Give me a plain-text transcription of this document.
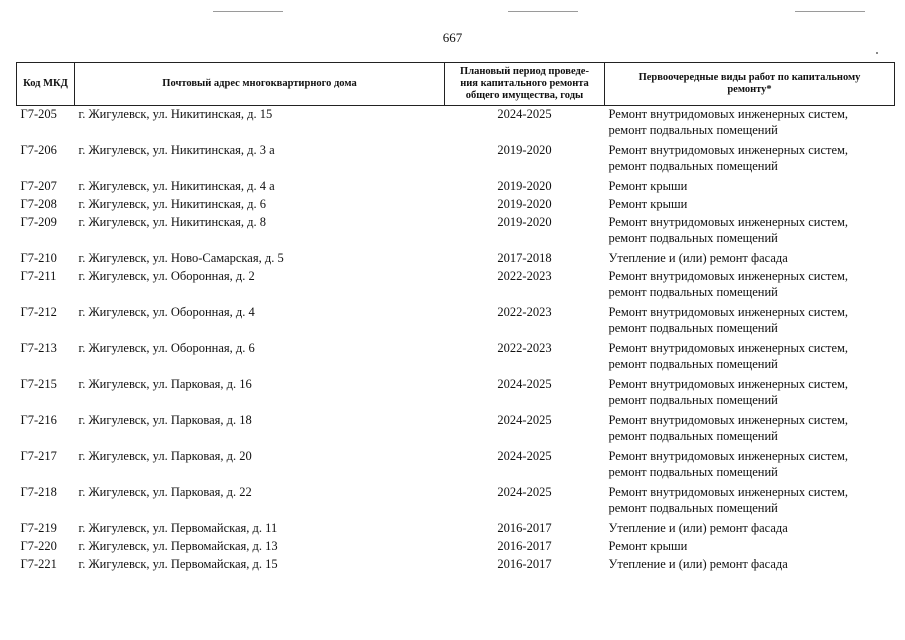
667
Код МКД	Почтовый адрес многоквартирного дома	Плановый период проведе-
ния капитального ремонта
общего имущества, годы	Первоочередные виды работ по капитальному
ремонту*

Г7-205	г. Жигулевск, ул. Никитинская, д. 15	2024-2025	Ремонт внутридомовых инженерных систем,
ремонт подвальных помещений

Г7-206	г. Жигулевск, ул. Никитинская, д. 3 а	2019-2020	Ремонт внутридомовых инженерных систем,
ремонт подвальных помещений

Г7-207	г. Жигулевск, ул. Никитинская, д. 4 а	2019-2020	Ремонт крыши

Г7-208	г. Жигулевск, ул. Никитинская, д. 6	2019-2020	Ремонт крыши

Г7-209	г. Жигулевск, ул. Никитинская, д. 8	2019-2020	Ремонт внутридомовых инженерных систем,
ремонт подвальных помещений

Г7-210	г. Жигулевск, ул. Ново-Самарская, д. 5	2017-2018	Утепление и (или) ремонт фасада

Г7-211	г. Жигулевск, ул. Оборонная, д. 2	2022-2023	Ремонт внутридомовых инженерных систем,
ремонт подвальных помещений

Г7-212	г. Жигулевск, ул. Оборонная, д. 4	2022-2023	Ремонт внутридомовых инженерных систем,
ремонт подвальных помещений

Г7-213	г. Жигулевск, ул. Оборонная, д. 6	2022-2023	Ремонт внутридомовых инженерных систем,
ремонт подвальных помещений

Г7-215	г. Жигулевск, ул. Парковая, д. 16	2024-2025	Ремонт внутридомовых инженерных систем,
ремонт подвальных помещений

Г7-216	г. Жигулевск, ул. Парковая, д. 18	2024-2025	Ремонт внутридомовых инженерных систем,
ремонт подвальных помещений

Г7-217	г. Жигулевск, ул. Парковая, д. 20	2024-2025	Ремонт внутридомовых инженерных систем,
ремонт подвальных помещений

Г7-218	г. Жигулевск, ул. Парковая, д. 22	2024-2025	Ремонт внутридомовых инженерных систем,
ремонт подвальных помещений

Г7-219	г. Жигулевск, ул. Первомайская, д. 11	2016-2017	Утепление и (или) ремонт фасада

Г7-220	г. Жигулевск, ул. Первомайская, д. 13	2016-2017	Ремонт крыши

Г7-221	г. Жигулевск, ул. Первомайская, д. 15	2016-2017	Утепление и (или) ремонт фасада
